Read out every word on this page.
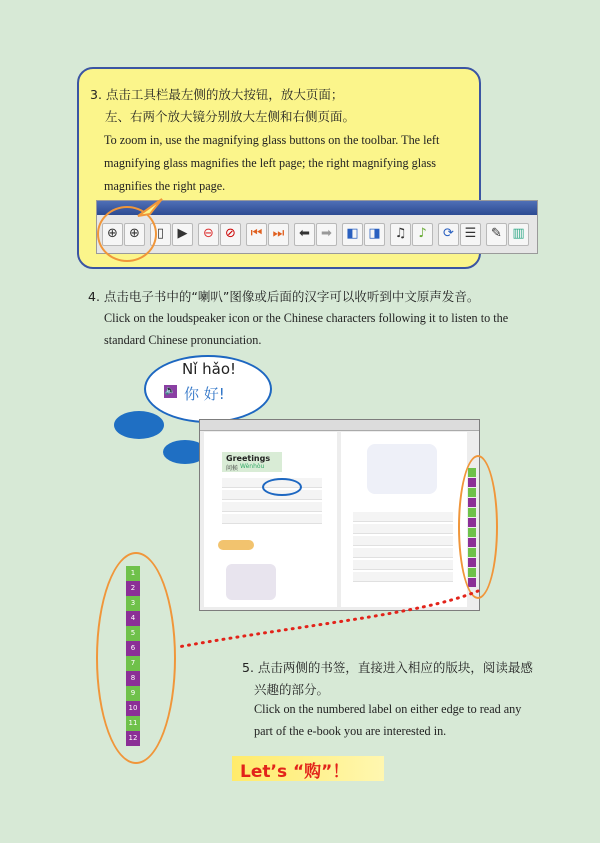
3. 点击工具栏最左侧的放大按钮，放大页面；
左、右两个放大镜分别放大左侧和右侧页面。
To zoom in, use the magnifying glass buttons on the toolbar. The left
magnifying glass magnifies the left page; the right magnifying glass
magnifies the right page.
⊕ ⊕	▯	▶	⊖ ⊘	⏮ ⏭	⬅ ➡	◧ ◨	♫ ♪	⟳ ☰	✎ ▥
4. 点击电子书中的“喇叭”图像或后面的汉字可以收听到中文原声发音。
Click on the loudspeaker icon or the Chinese characters following it to listen to the
standard Chinese pronunciation.
Nǐ hǎo!
🔈 你 好!
Greetings
问候 Wènhòu
1
2
3
4
5
6
7
8
9
10
11
12
5. 点击两侧的书签，直接进入相应的版块，阅读最感
兴趣的部分。
Click on the numbered label on either edge to read any
part of the e-book you are interested in.
Let’s “购”！
